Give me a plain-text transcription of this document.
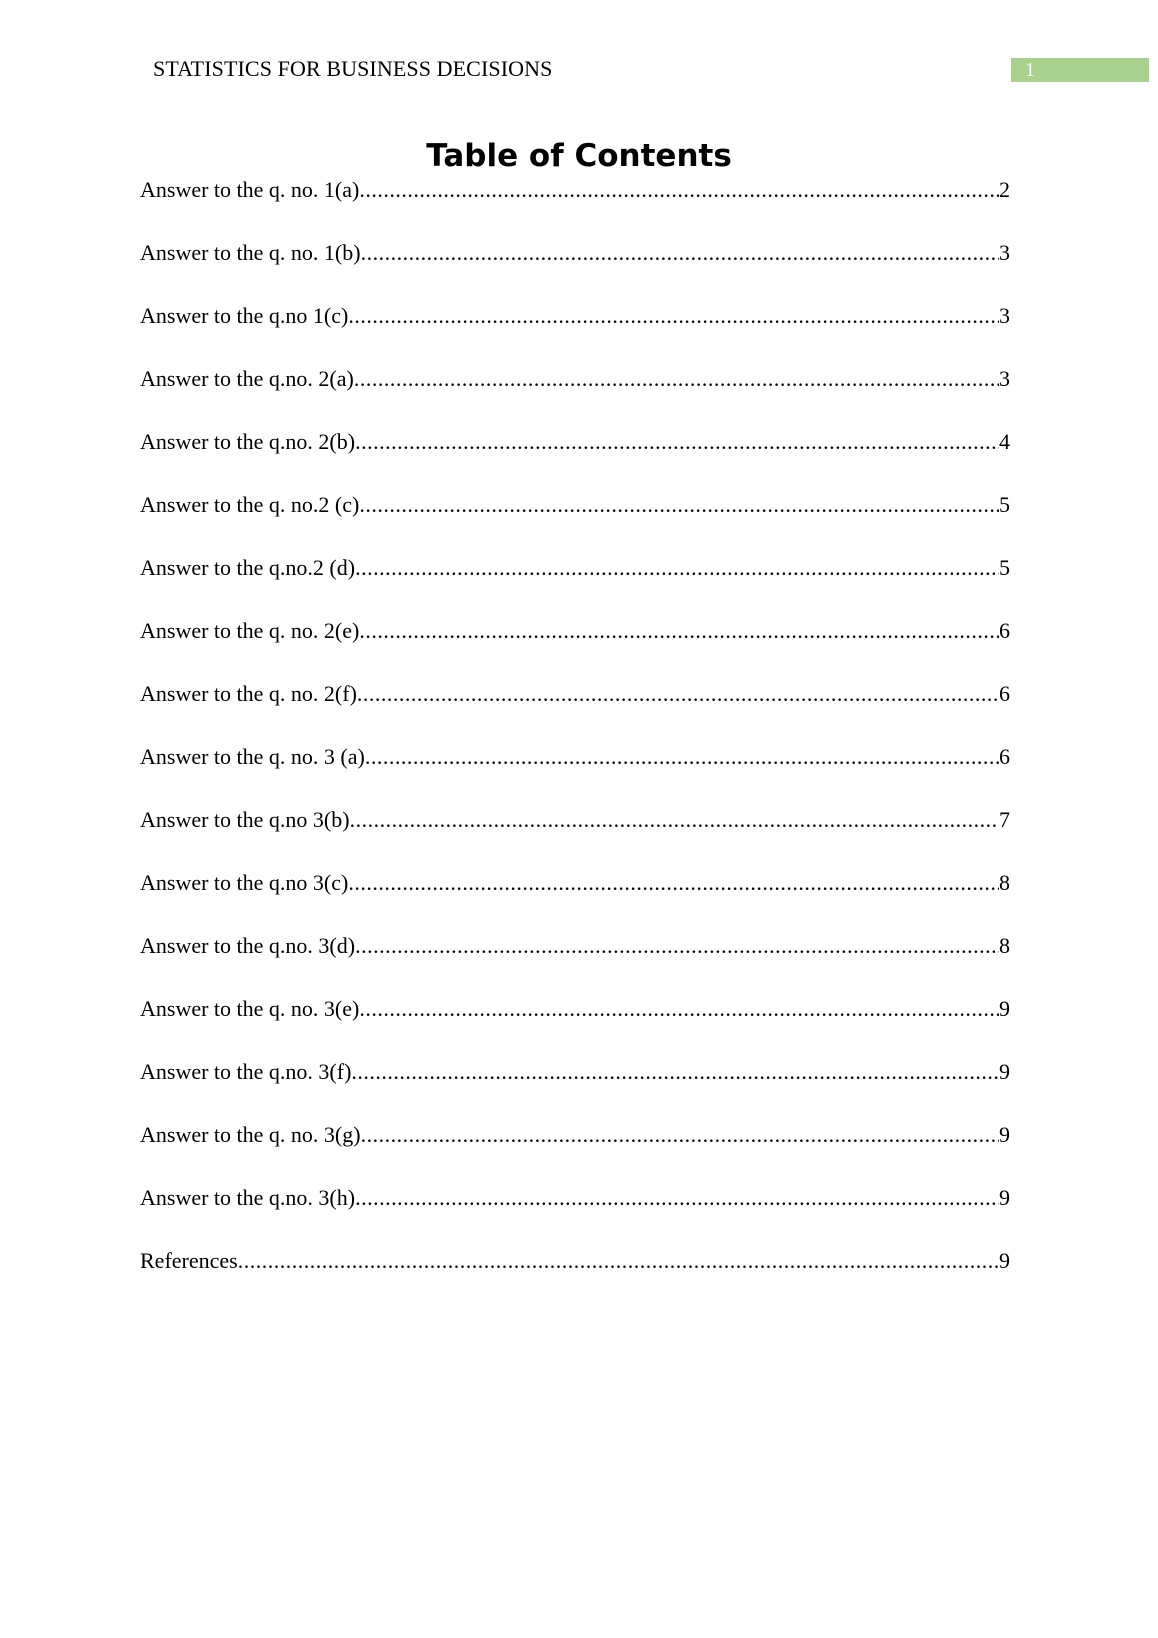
STATISTICS FOR BUSINESS DECISIONS	1
Table of Contents
Answer to the q. no. 1(a) .....	2
Answer to the q. no. 1(b) .....	3
Answer to the q.no 1(c) .....	3
Answer to the q.no. 2(a) .....	3
Answer to the q.no. 2(b) .....	4
Answer to the q. no.2 (c) .....	5
Answer to the q.no.2 (d) .....	5
Answer to the q. no. 2(e) .....	6
Answer to the q. no. 2(f) .....	6
Answer to the q. no. 3 (a) .....	6
Answer to the q.no 3(b) .....	7
Answer to the q.no 3(c) .....	8
Answer to the q.no. 3(d) .....	8
Answer to the q. no. 3(e) .....	9
Answer to the q.no. 3(f) .....	9
Answer to the q. no. 3(g) .....	9
Answer to the q.no. 3(h) .....	9
References .....	9
